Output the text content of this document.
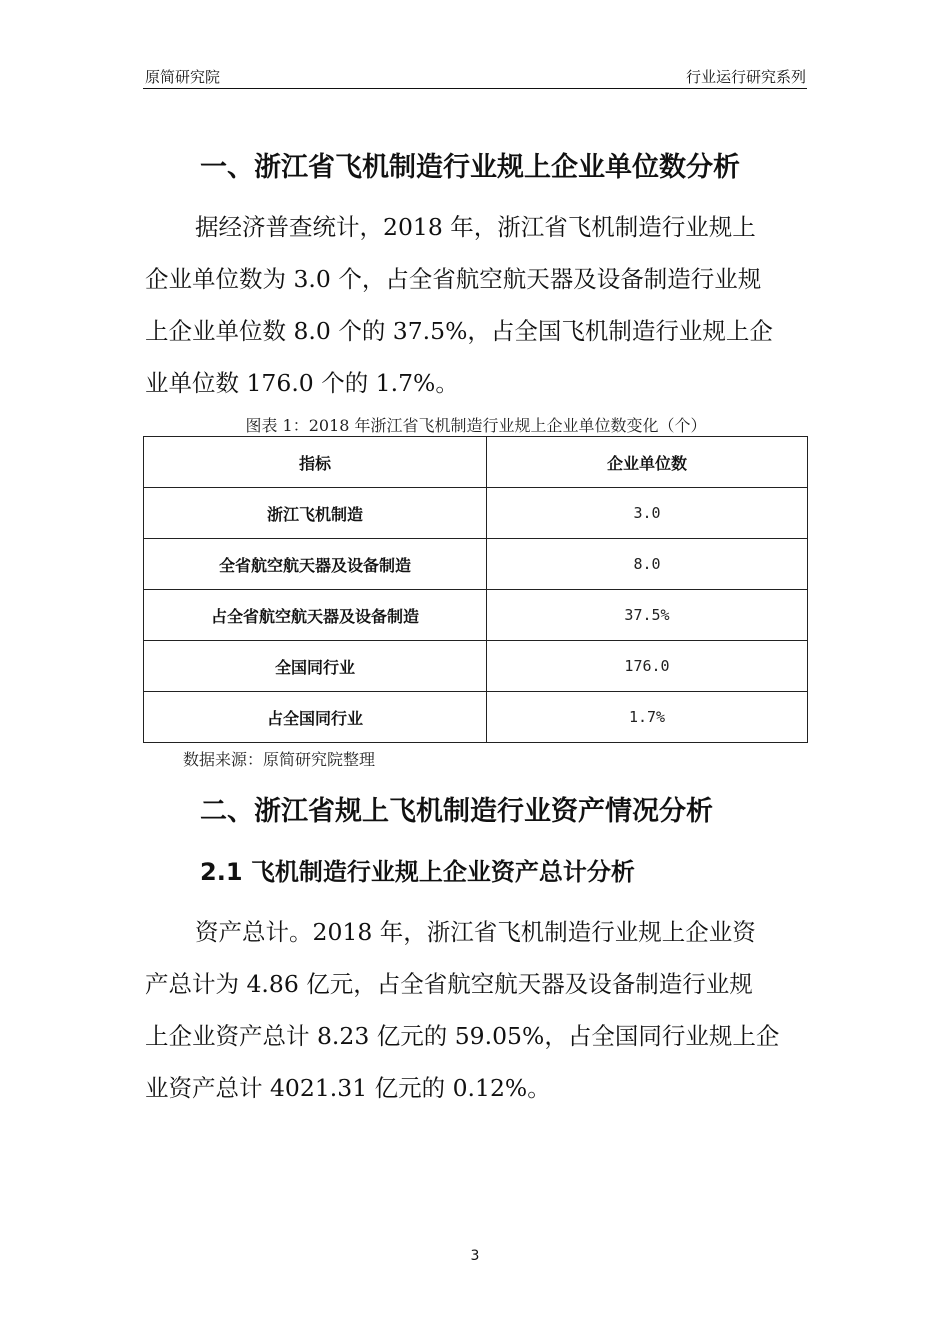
原简研究院	行业运行研究系列
一、浙江省飞机制造行业规上企业单位数分析
据经济普查统计，2018 年，浙江省飞机制造行业规上
企业单位数为 3.0 个，占全省航空航天器及设备制造行业规
上企业单位数 8.0 个的 37.5%，占全国飞机制造行业规上企
业单位数 176.0 个的 1.7%。
图表 1：2018 年浙江省飞机制造行业规上企业单位数变化（个）
指标	企业单位数
浙江飞机制造	3.0
全省航空航天器及设备制造	8.0
占全省航空航天器及设备制造	37.5%
全国同行业	176.0
占全国同行业	1.7%
数据来源：原简研究院整理
二、浙江省规上飞机制造行业资产情况分析
2.1 飞机制造行业规上企业资产总计分析
资产总计。2018 年，浙江省飞机制造行业规上企业资
产总计为 4.86 亿元，占全省航空航天器及设备制造行业规
上企业资产总计 8.23 亿元的 59.05%，占全国同行业规上企
业资产总计 4021.31 亿元的 0.12%。
3
